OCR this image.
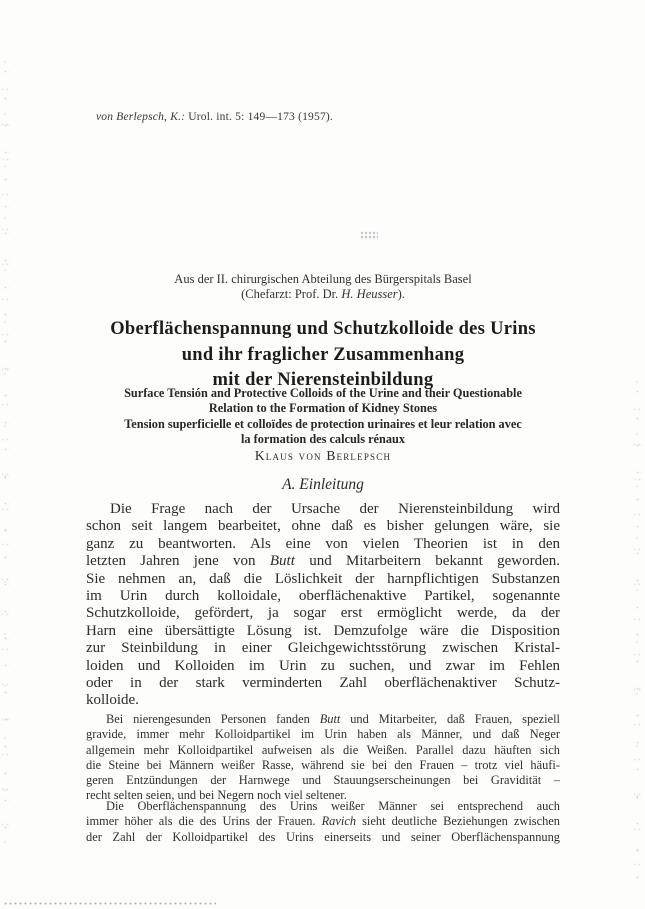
von Berlepsch, K.: Urol. int. 5: 149—173 (1957).
Aus der II. chirurgischen Abteilung des Bürgerspitals Basel
(Chefarzt: Prof. Dr. H. Heusser).
Oberflächenspannung und Schutzkolloide des Urins
und ihr fraglicher Zusammenhang
mit der Nierensteinbildung
Surface Tensión and Protective Colloids of the Urine and their Questionable
Relation to the Formation of Kidney Stones
Tension superficielle et colloïdes de protection urinaires et leur relation avec
la formation des calculs rénaux
Klaus von Berlepsch
A. Einleitung
Die Frage nach der Ursache der Nierensteinbildung wird
schon seit langem bearbeitet, ohne daß es bisher gelungen wäre, sie
ganz zu beantworten. Als eine von vielen Theorien ist in den
letzten Jahren jene von Butt und Mitarbeitern bekannt geworden.
Sie nehmen an, daß die Löslichkeit der harnpflichtigen Substanzen
im Urin durch kolloidale, oberflächenaktive Partikel, sogenannte
Schutzkolloide, gefördert, ja sogar erst ermöglicht werde, da der
Harn eine übersättigte Lösung ist. Demzufolge wäre die Disposition
zur Steinbildung in einer Gleichgewichtsstörung zwischen Kristal-
loiden und Kolloiden im Urin zu suchen, und zwar im Fehlen
oder in der stark verminderten Zahl oberflächenaktiver Schutz-
kolloide.
Bei nierengesunden Personen fanden Butt und Mitarbeiter, daß Frauen, speziell
gravide, immer mehr Kolloidpartikel im Urin haben als Männer, und daß Neger
allgemein mehr Kolloidpartikel aufweisen als die Weißen. Parallel dazu häuften sich
die Steine bei Männern weißer Rasse, während sie bei den Frauen – trotz viel häufi-
geren Entzündungen der Harnwege und Stauungserscheinungen bei Gravidität –
recht selten seien, und bei Negern noch viel seltener.
Die Oberflächenspannung des Urins weißer Männer sei entsprechend auch
immer höher als die des Urins der Frauen. Ravich sieht deutliche Beziehungen zwischen
der Zahl der Kolloidpartikel des Urins einerseits und seiner Oberflächenspannung
